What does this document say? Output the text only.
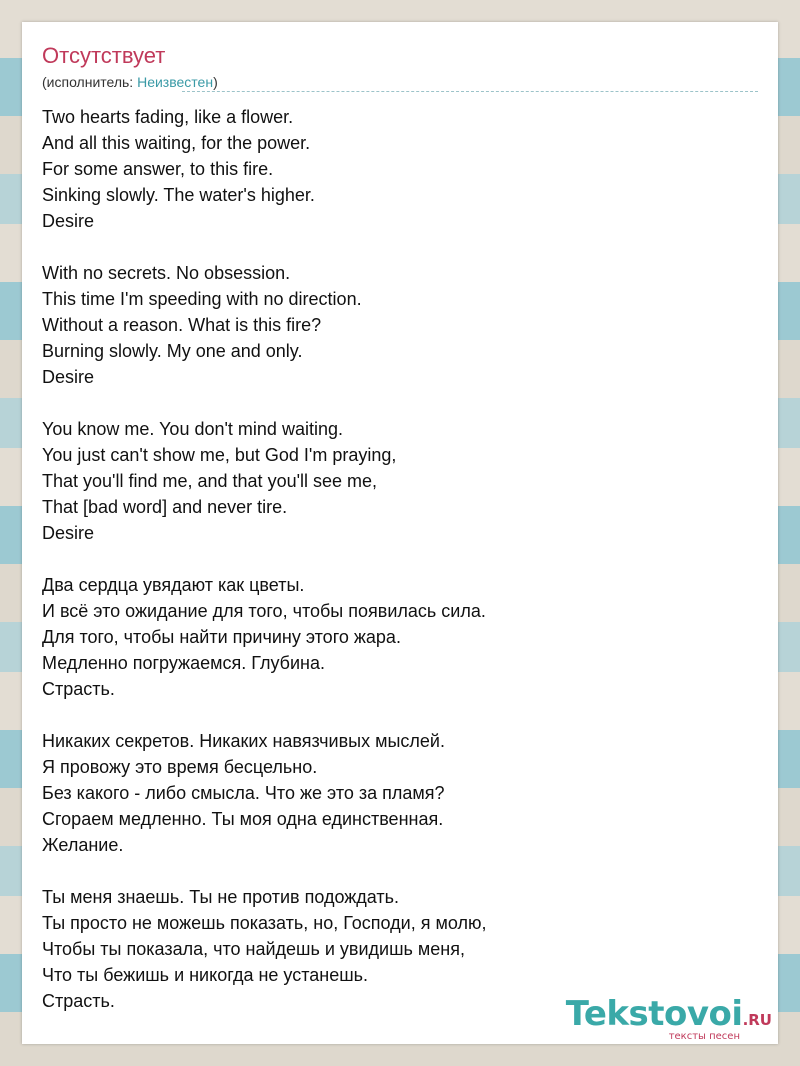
Отсутствует
(исполнитель: Неизвестен)
Two hearts fading, like a flower.
And all this waiting, for the power.
For some answer, to this fire.
Sinking slowly. The water's higher.
Desire
With no secrets. No obsession.
This time I'm speeding with no direction.
Without a reason. What is this fire?
Burning slowly. My one and only.
Desire
You know me. You don't mind waiting.
You just can't show me, but God I'm praying,
That you'll find me, and that you'll see me,
That [bad word] and never tire.
Desire
Два сердца увядают как цветы.
И всё это ожидание для того, чтобы появилась сила.
Для того, чтобы найти причину этого жара.
Медленно погружаемся. Глубина.
Страсть.
Никаких секретов. Никаких навязчивых мыслей.
Я провожу это время бесцельно.
Без какого - либо смысла. Что же это за пламя?
Сгораем медленно. Ты моя одна единственная.
Желание.
Ты меня знаешь. Ты не против подождать.
Ты просто не можешь показать, но, Господи, я молю,
Чтобы ты показала, что найдешь и увидишь меня,
Что ты бежишь и никогда не устанешь.
Страсть.	Tekstovoi.RU
тексты песен
